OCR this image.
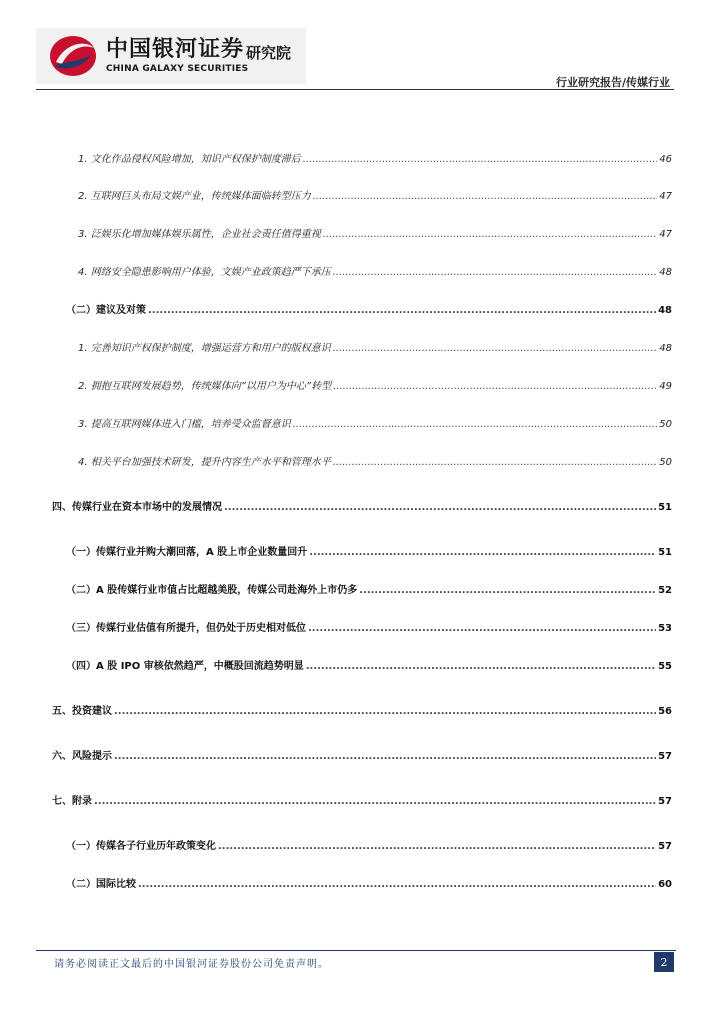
中国银河证券 研究院
CHINA GALAXY SECURITIES
行业研究报告/传媒行业
1. 文化作品侵权风险增加，知识产权保护制度滞后 .....	46
2. 互联网巨头布局文娱产业，传统媒体面临转型压力 .....	47
3. 泛娱乐化增加媒体娱乐属性，企业社会责任值得重视 .....	47
4. 网络安全隐患影响用户体验，文娱产业政策趋严下承压 .....	48
（二）建议及对策 .....	48
1. 完善知识产权保护制度，增强运营方和用户的版权意识 .....	48
2. 拥抱互联网发展趋势，传统媒体向”以用户为中心”转型 .....	49
3. 提高互联网媒体进入门槛，培养受众监督意识 .....	50
4. 相关平台加强技术研发，提升内容生产水平和管理水平 .....	50
四、传媒行业在资本市场中的发展情况 .....	51
（一）传媒行业并购大潮回落，A 股上市企业数量回升 .....	51
（二）A 股传媒行业市值占比超越美股，传媒公司赴海外上市仍多 .....	52
（三）传媒行业估值有所提升，但仍处于历史相对低位 .....	53
（四）A 股 IPO 审核依然趋严，中概股回流趋势明显 .....	55
五、投资建议 .....	56
六、风险提示 .....	57
七、附录 .....	57
（一）传媒各子行业历年政策变化 .....	57
（二）国际比较 .....	60
请务必阅读正文最后的中国银河证券股份公司免责声明。	2
